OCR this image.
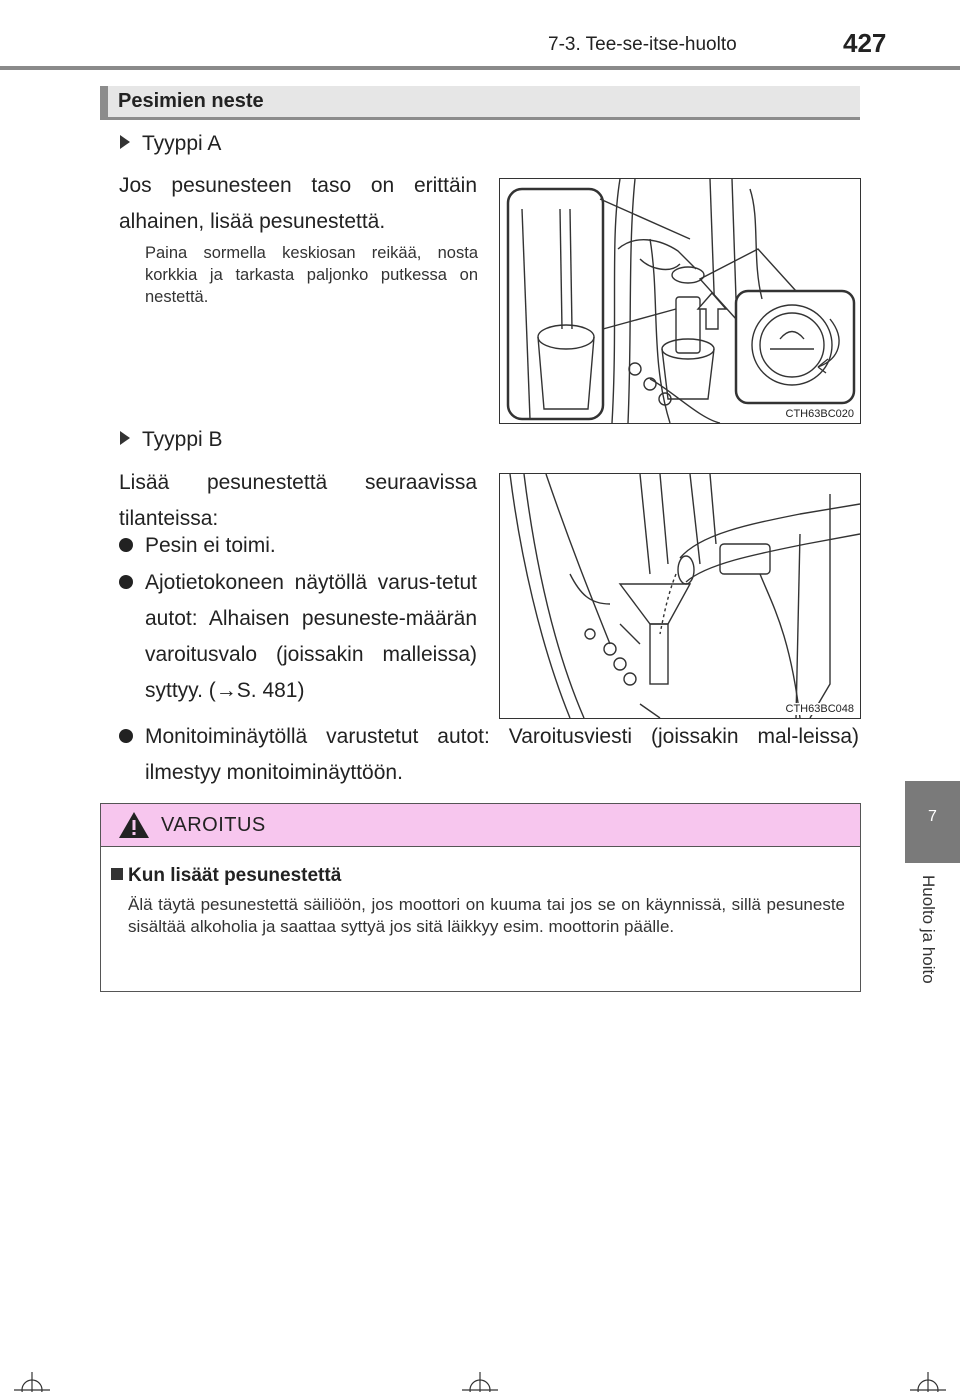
7-3. Tee-se-itse-huolto	427
7
Huolto ja hoito
Pesimien neste
Tyyppi A
Jos pesunesteen taso on erittäin alhainen, lisää pesunestettä.
Paina sormella keskiosan reikää, nosta korkkia ja tarkasta paljonko putkessa on nestettä.
CTH63BC020
Tyyppi B
Lisää pesunestettä seuraavissa tilanteissa:
Pesin ei toimi.
Ajotietokoneen näytöllä varus-tetut autot: Alhaisen pesuneste-määrän varoitusvalo (joissakin malleissa) syttyy. (→S. 481)
Monitoiminäytöllä varustetut autot: Varoitusviesti (joissakin mal-leissa) ilmestyy monitoiminäyttöön.
CTH63BC048
VAROITUS
Kun lisäät pesunestettä
Älä täytä pesunestettä säiliöön, jos moottori on kuuma tai jos se on käynnissä, sillä pesuneste sisältää alkoholia ja saattaa syttyä jos sitä läikkyy esim. moottorin päälle.
